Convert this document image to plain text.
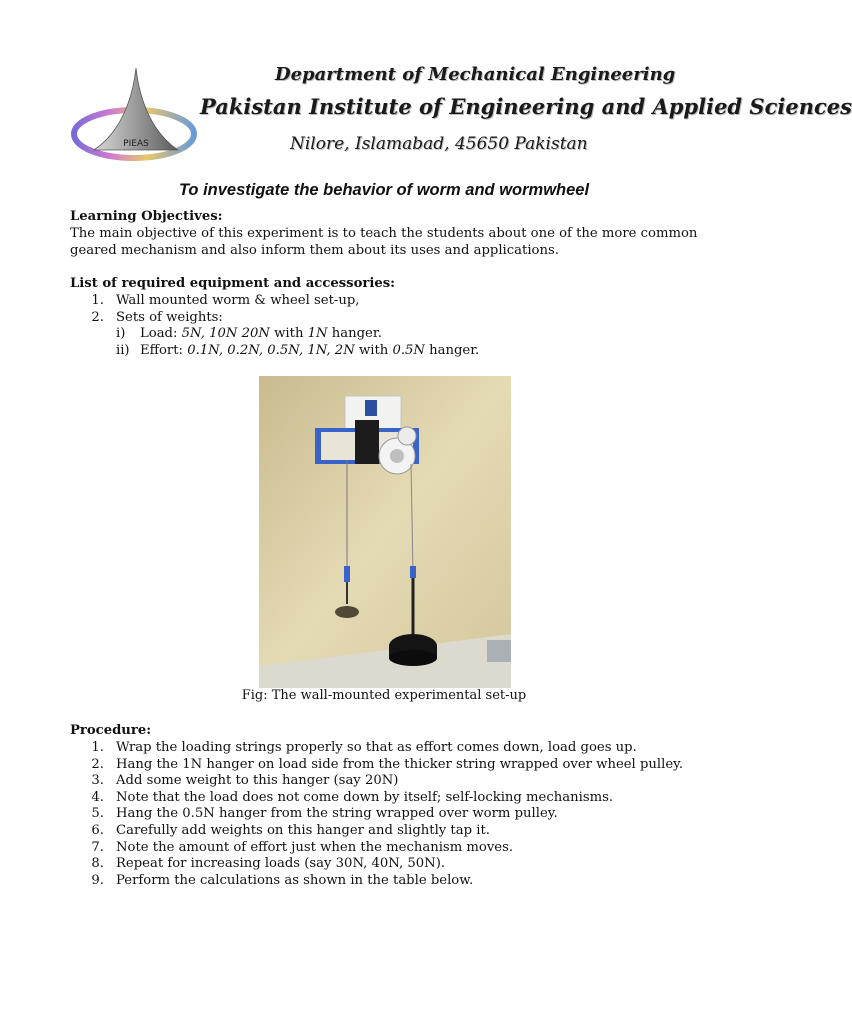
PIEAS
Department of Mechanical Engineering
Pakistan Institute of Engineering and Applied Sciences
Nilore, Islamabad, 45650 Pakistan
To investigate the behavior of worm and wormwheel
Learning Objectives:
The main objective of this experiment is to teach the students about one of the more common geared mechanism and also inform them about its uses and applications.
List of required equipment and accessories:
1. Wall mounted worm & wheel set-up,
2. Sets of weights:
i) Load: 5N, 10N 20N with 1N hanger.
ii) Effort: 0.1N, 0.2N, 0.5N, 1N, 2N with 0.5N hanger.
Fig: The wall-mounted experimental set-up
Procedure:
1. Wrap the loading strings properly so that as effort comes down, load goes up.
2. Hang the 1N hanger on load side from the thicker string wrapped over wheel pulley.
3. Add some weight to this hanger (say 20N)
4. Note that the load does not come down by itself; self-locking mechanisms.
5. Hang the 0.5N hanger from the string wrapped over worm pulley.
6. Carefully add weights on this hanger and slightly tap it.
7. Note the amount of effort just when the mechanism moves.
8. Repeat for increasing loads (say 30N, 40N, 50N).
9. Perform the calculations as shown in the table below.
